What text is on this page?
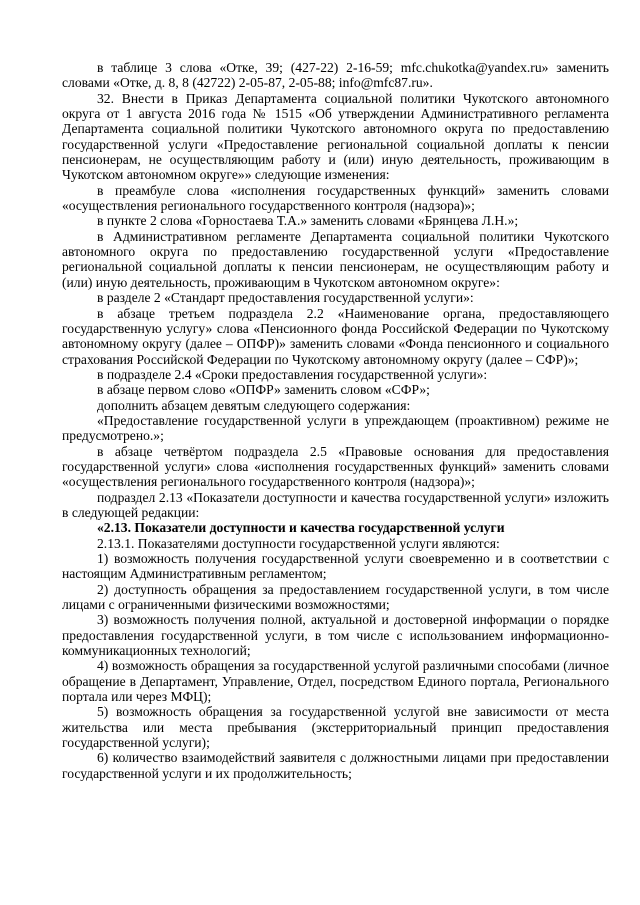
в таблице 3 слова «Отке, 39; (427-22) 2-16-59; mfc.chukotka@yandex.ru» заменить словами «Отке, д. 8, 8 (42722) 2-05-87, 2-05-88; info@mfc87.ru».

32. Внести в Приказ Департамента социальной политики Чукотского автономного округа от 1 августа 2016 года № 1515 «Об утверждении Административного регламента Департамента социальной политики Чукотского автономного округа по предоставлению государственной услуги «Предоставление региональной социальной доплаты к пенсии пенсионерам, не осуществляющим работу и (или) иную деятельность, проживающим в Чукотском автономном округе»» следующие изменения:

в преамбуле слова «исполнения государственных функций» заменить словами «осуществления регионального государственного контроля (надзора)»;

в пункте 2 слова «Горностаева Т.А.» заменить словами «Брянцева Л.Н.»;

в Административном регламенте Департамента социальной политики Чукотского автономного округа по предоставлению государственной услуги «Предоставление региональной социальной доплаты к пенсии пенсионерам, не осуществляющим работу и (или) иную деятельность, проживающим в Чукотском автономном округе»:

в разделе 2 «Стандарт предоставления государственной услуги»:

в абзаце третьем подраздела 2.2 «Наименование органа, предоставляющего государственную услугу» слова «Пенсионного фонда Российской Федерации по Чукотскому автономному округу (далее – ОПФР)» заменить словами «Фонда пенсионного и социального страхования Российской Федерации по Чукотскому автономному округу (далее – СФР)»;

в подразделе 2.4 «Сроки предоставления государственной услуги»:

в абзаце первом слово «ОПФР» заменить словом «СФР»;

дополнить абзацем девятым следующего содержания:

«Предоставление государственной услуги в упреждающем (проактивном) режиме не предусмотрено.»;

в абзаце четвёртом подраздела 2.5 «Правовые основания для предоставления государственной услуги» слова «исполнения государственных функций» заменить словами «осуществления регионального государственного контроля (надзора)»;

подраздел 2.13 «Показатели доступности и качества государственной услуги» изложить в следующей редакции:

«2.13. Показатели доступности и качества государственной услуги

2.13.1. Показателями доступности государственной услуги являются:

1) возможность получения государственной услуги своевременно и в соответствии с настоящим Административным регламентом;

2) доступность обращения за предоставлением государственной услуги, в том числе лицами с ограниченными физическими возможностями;

3) возможность получения полной, актуальной и достоверной информации о порядке предоставления государственной услуги, в том числе с использованием информационно-коммуникационных технологий;

4) возможность обращения за государственной услугой различными способами (личное обращение в Департамент, Управление, Отдел, посредством Единого портала, Регионального портала или через МФЦ);

5) возможность обращения за государственной услугой вне зависимости от места жительства или места пребывания (экстерриториальный принцип предоставления государственной услуги);

6) количество взаимодействий заявителя с должностными лицами при предоставлении государственной услуги и их продолжительность;
